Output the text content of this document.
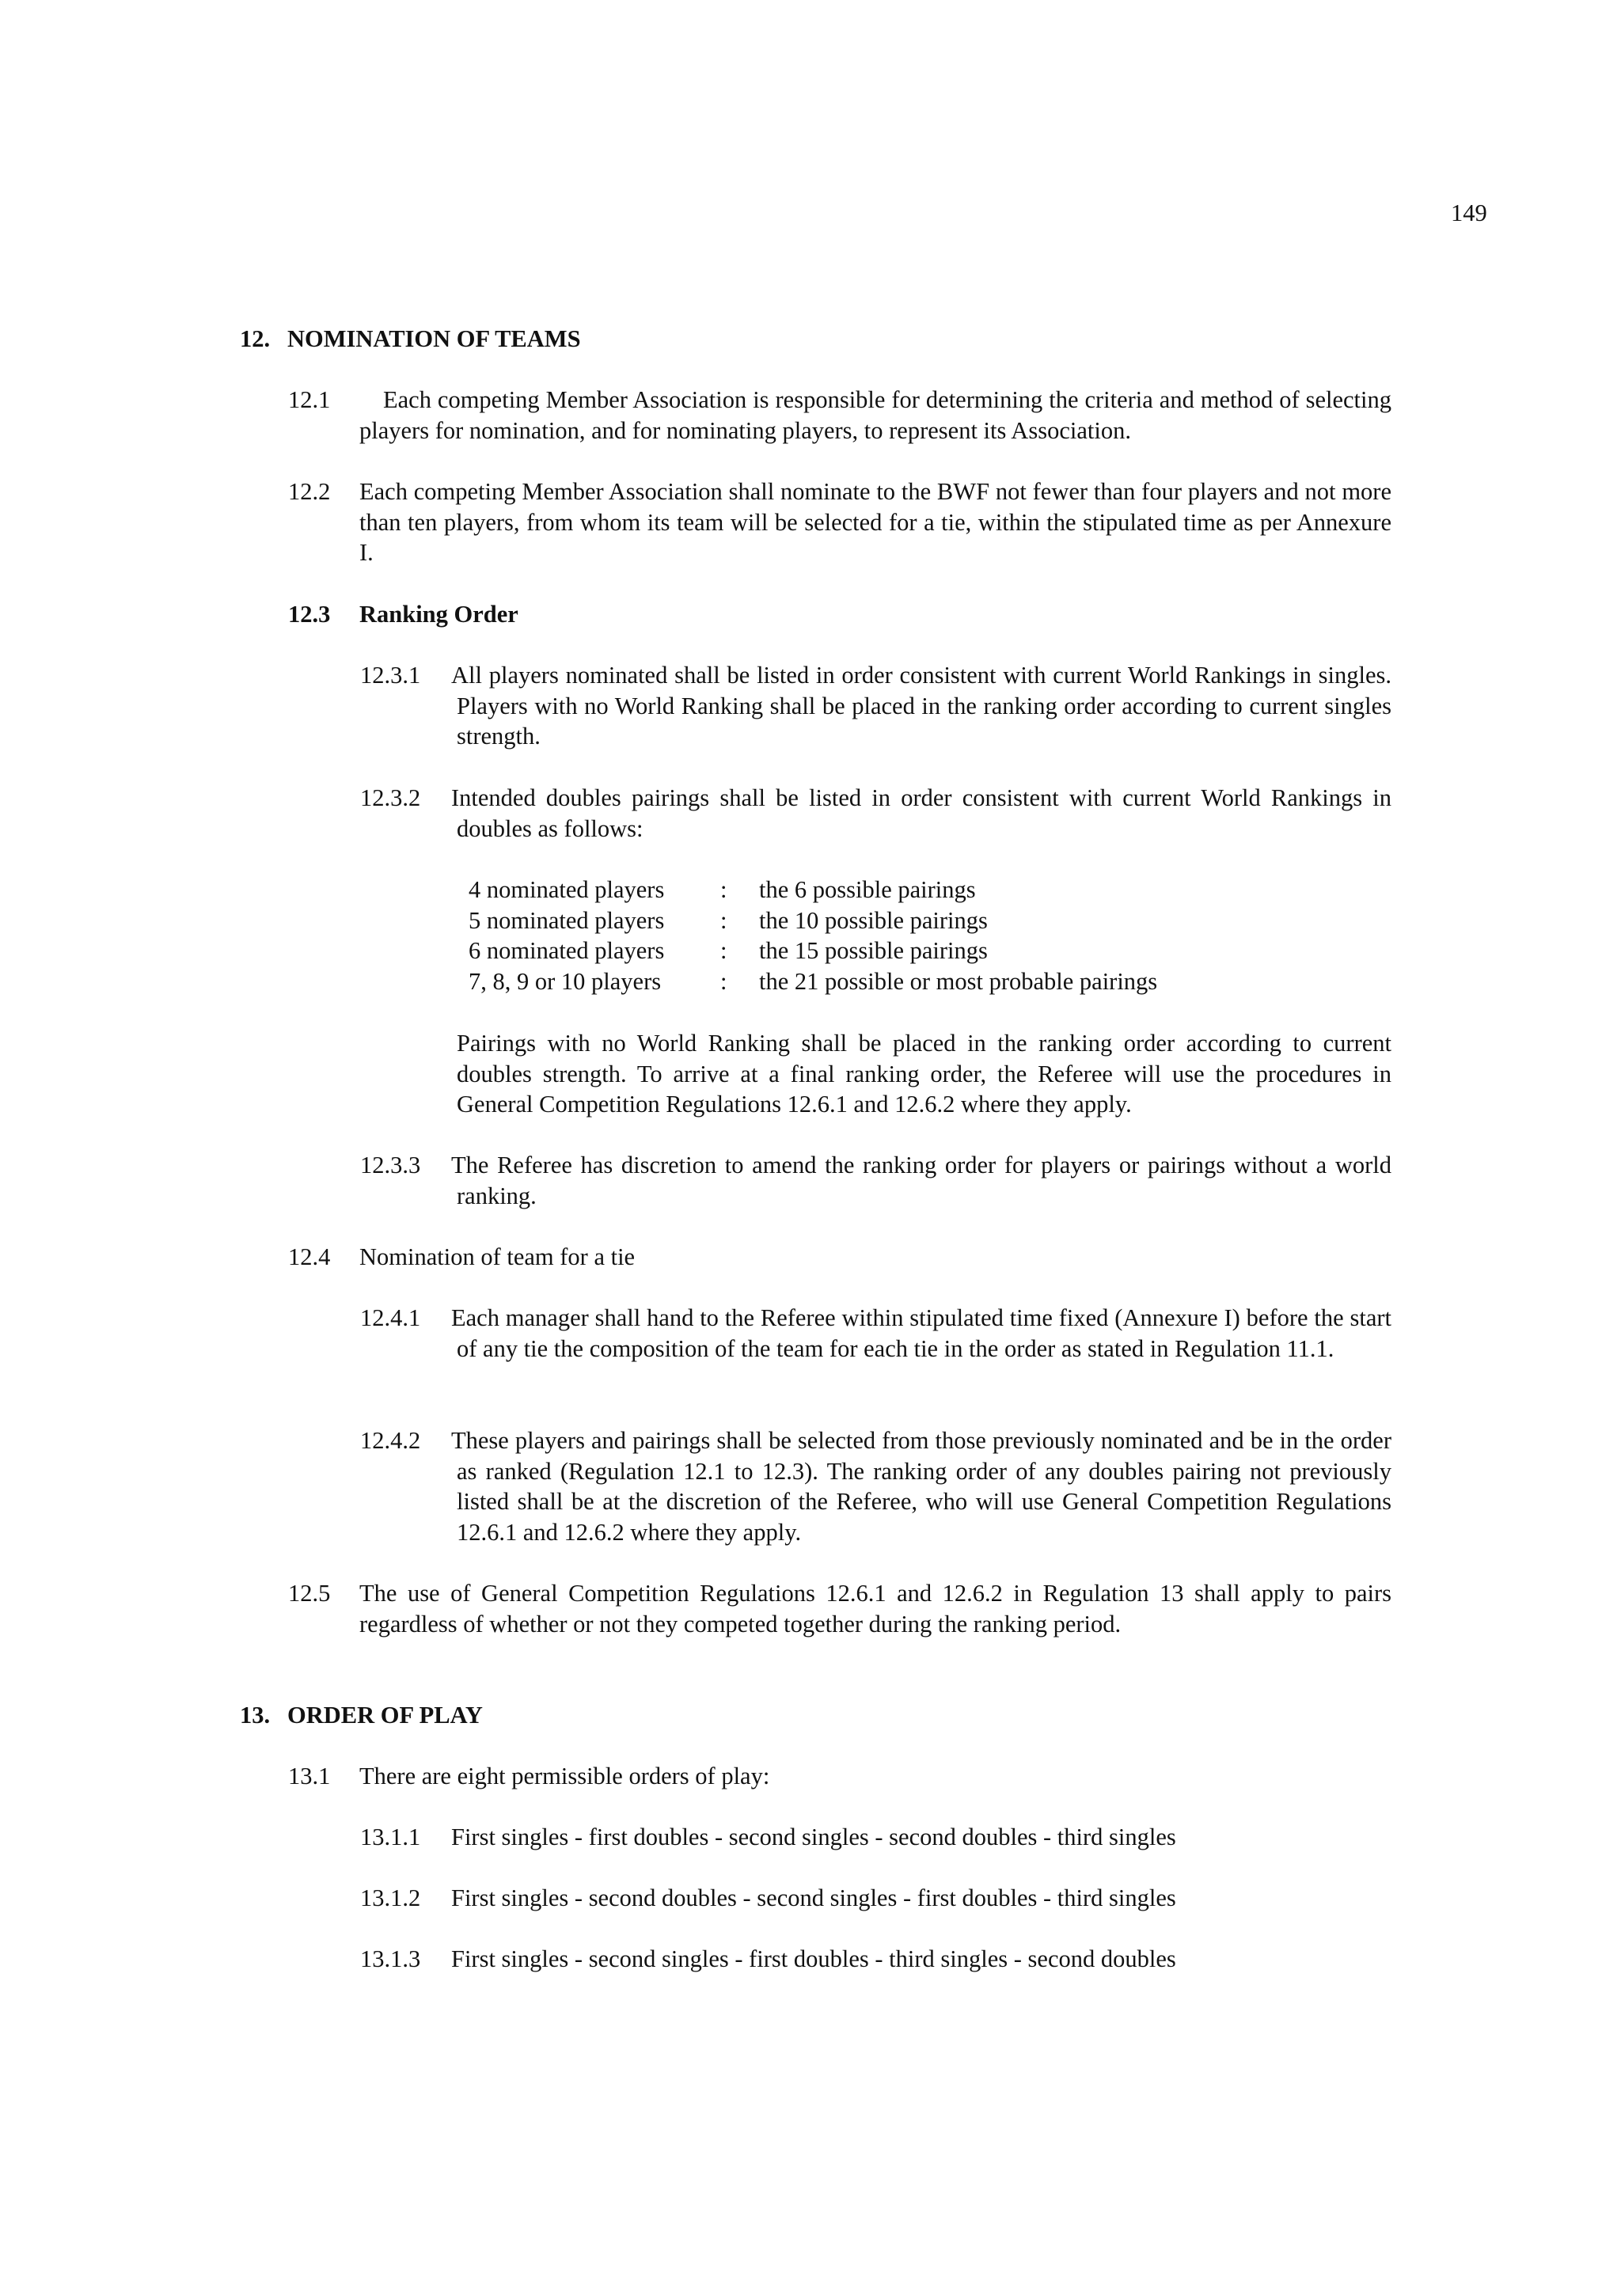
149
12. NOMINATION OF TEAMS
12.1	Each competing Member Association is responsible for determining the criteria and method of selecting players for nomination, and for nominating players, to represent its Association.
12.2 Each competing Member Association shall nominate to the BWF not fewer than four players and not more than ten players, from whom its team will be selected for a tie, within the stipulated time as per Annexure I.
12.3 Ranking Order
12.3.1 All players nominated shall be listed in order consistent with current World Rankings in singles. Players with no World Ranking shall be placed in the ranking order according to current singles strength.
12.3.2 Intended doubles pairings shall be listed in order consistent with current World Rankings in doubles as follows:
4 nominated players	:	the 6 possible pairings
5 nominated players	:	the 10 possible pairings
6 nominated players	:	the 15 possible pairings
7, 8, 9 or 10 players	:	the 21 possible or most probable pairings
Pairings with no World Ranking shall be placed in the ranking order according to current doubles strength. To arrive at a final ranking order, the Referee will use the procedures in General Competition Regulations 12.6.1 and 12.6.2 where they apply.
12.3.3 The Referee has discretion to amend the ranking order for players or pairings without a world ranking.
12.4 Nomination of team for a tie
12.4.1 Each manager shall hand to the Referee within stipulated time fixed (Annexure I) before the start of any tie the composition of the team for each tie in the order as stated in Regulation 11.1.
12.4.2 These players and pairings shall be selected from those previously nominated and be in the order as ranked (Regulation 12.1 to 12.3). The ranking order of any doubles pairing not previously listed shall be at the discretion of the Referee, who will use General Competition Regulations 12.6.1 and 12.6.2 where they apply.
12.5 The use of General Competition Regulations 12.6.1 and 12.6.2 in Regulation 13 shall apply to pairs regardless of whether or not they competed together during the ranking period.
13. ORDER OF PLAY
13.1 There are eight permissible orders of play:
13.1.1 First singles - first doubles - second singles - second doubles - third singles
13.1.2 First singles - second doubles - second singles - first doubles - third singles
13.1.3 First singles - second singles - first doubles - third singles - second doubles
